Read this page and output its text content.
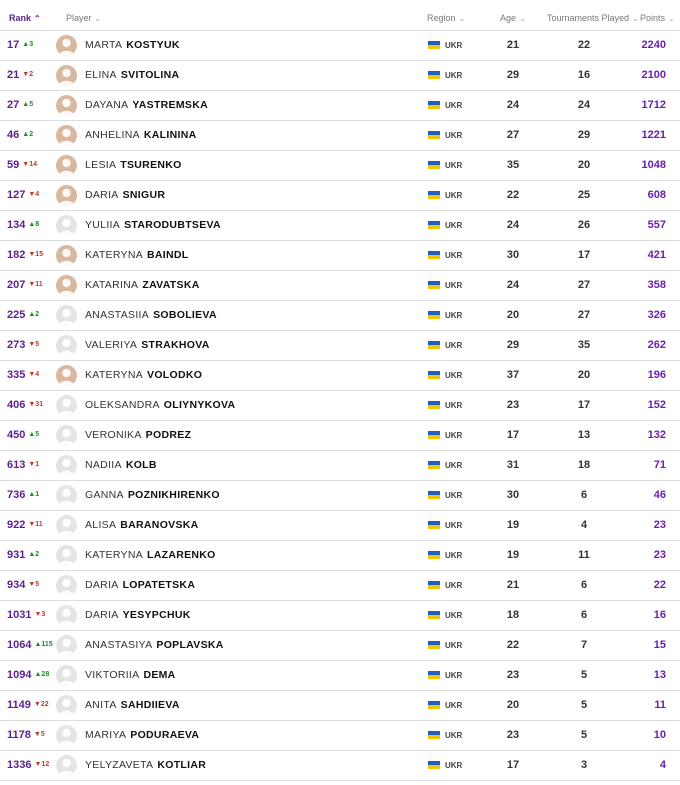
Rank ⌃	Player ⌄	Region ⌄	Age ⌄ Tournaments Played ⌄ Points ⌄
17 ▲3	MARTA KOSTYUK	UKR	21	22	2240
21 ▼2	ELINA SVITOLINA	UKR	29	16	2100
27 ▲5	DAYANA YASTREMSKA	UKR	24	24	1712
46 ▲2	ANHELINA KALININA	UKR	27	29	1221
59 ▼14	LESIA TSURENKO	UKR	35	20	1048
127 ▼4	DARIA SNIGUR	UKR	22	25	608
134 ▲8	YULIIA STARODUBTSEVA	UKR	24	26	557
182 ▼15	KATERYNA BAINDL	UKR	30	17	421
207 ▼11	KATARINA ZAVATSKA	UKR	24	27	358
225 ▲2	ANASTASIIA SOBOLIEVA	UKR	20	27	326
273 ▼5	VALERIYA STRAKHOVA	UKR	29	35	262
335 ▼4	KATERYNA VOLODKO	UKR	37	20	196
406 ▼31	OLEKSANDRA OLIYNYKOVA	UKR	23	17	152
450 ▲5	VERONIKA PODREZ	UKR	17	13	132
613 ▼1	NADIIA KOLB	UKR	31	18	71
736 ▲1	GANNA POZNIKHIRENKO	UKR	30	6	46
922 ▼11	ALISA BARANOVSKA	UKR	19	4	23
931 ▲2	KATERYNA LAZARENKO	UKR	19	11	23
934 ▼5	DARIA LOPATETSKA	UKR	21	6	22
1031 ▼3	DARIA YESYPCHUK	UKR	18	6	16
1064 ▲115	ANASTASIYA POPLAVSKA	UKR	22	7	15
1094 ▲28	VIKTORIIA DEMA	UKR	23	5	13
1149 ▼22	ANITA SAHDIIEVA	UKR	20	5	11
1178 ▼5	MARIYA PODURAEVA	UKR	23	5	10
1336 ▼12	YELYZAVETA KOTLIAR	UKR	17	3	4
